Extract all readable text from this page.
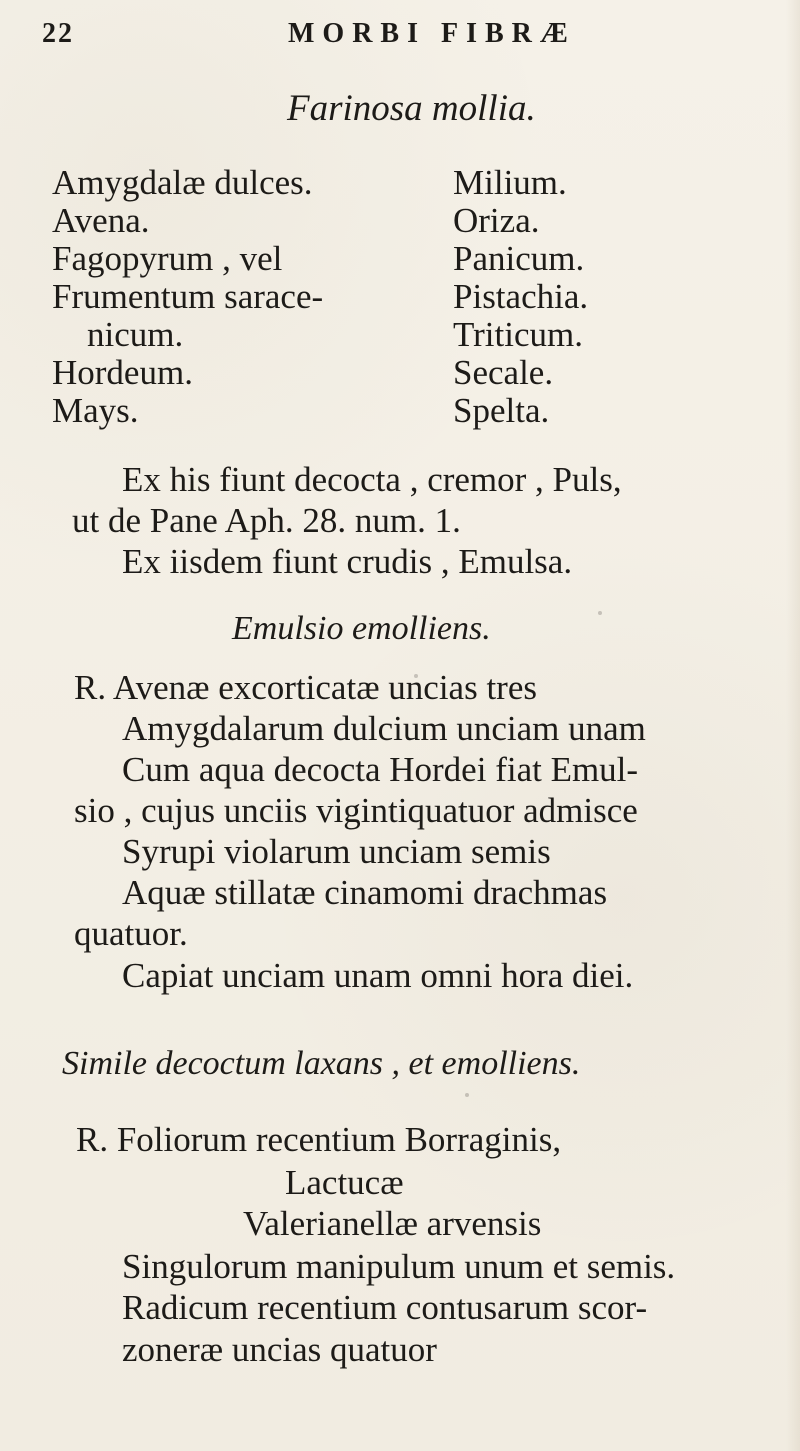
22	MORBI FIBRÆ
Farinosa mollia.
Amygdalæ dulces.
Avena.
Fagopyrum , vel
Frumentum sarace-
nicum.
Hordeum.
Mays.
Milium.
Oriza.
Panicum.
Pistachia.
Triticum.
Secale.
Spelta.
Ex his fiunt decocta , cremor , Puls,
ut de Pane Aph. 28. num. 1.
Ex iisdem fiunt crudis , Emulsa.
Emulsio emolliens.
R. Avenæ excorticatæ uncias tres
Amygdalarum dulcium unciam unam
Cum aqua decocta Hordei fiat Emul-
sio , cujus unciis vigintiquatuor admisce
Syrupi violarum unciam semis
Aquæ stillatæ cinamomi drachmas
quatuor.
Capiat unciam unam omni hora diei.
Simile decoctum laxans , et emolliens.
R. Foliorum recentium Borraginis,
Lactucæ
Valerianellæ arvensis
Singulorum manipulum unum et semis.
Radicum recentium contusarum scor-
zoneræ uncias quatuor
